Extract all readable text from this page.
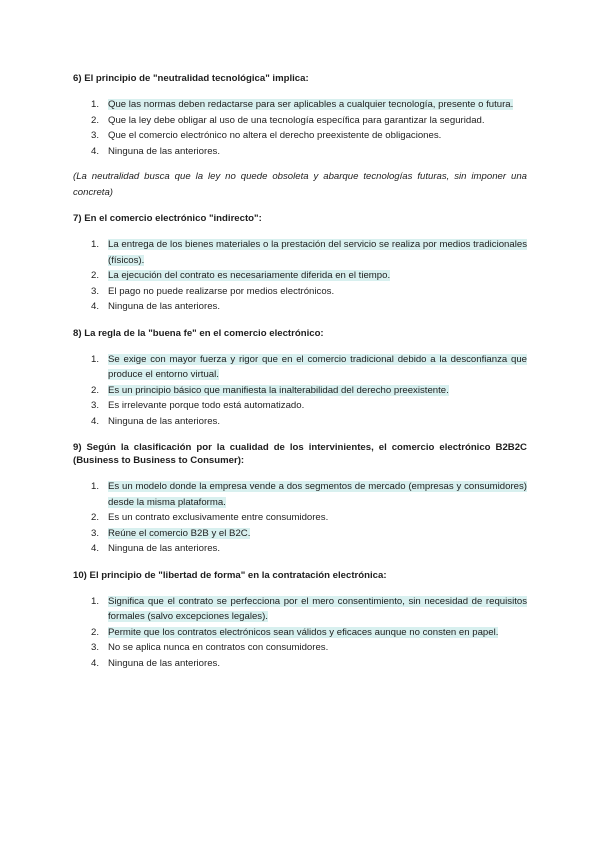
6) El principio de "neutralidad tecnológica" implica:

1. Que las normas deben redactarse para ser aplicables a cualquier tecnología, presente o futura.
2. Que la ley debe obligar al uso de una tecnología específica para garantizar la seguridad.
3. Que el comercio electrónico no altera el derecho preexistente de obligaciones.
4. Ninguna de las anteriores.

(La neutralidad busca que la ley no quede obsoleta y abarque tecnologías futuras, sin imponer una concreta)

7) En el comercio electrónico "indirecto":

1. La entrega de los bienes materiales o la prestación del servicio se realiza por medios tradicionales (físicos).
2. La ejecución del contrato es necesariamente diferida en el tiempo.
3. El pago no puede realizarse por medios electrónicos.
4. Ninguna de las anteriores.

8) La regla de la "buena fe" en el comercio electrónico:

1. Se exige con mayor fuerza y rigor que en el comercio tradicional debido a la desconfianza que produce el entorno virtual.
2. Es un principio básico que manifiesta la inalterabilidad del derecho preexistente.
3. Es irrelevante porque todo está automatizado.
4. Ninguna de las anteriores.

9) Según la clasificación por la cualidad de los intervinientes, el comercio electrónico B2B2C (Business to Business to Consumer):

1. Es un modelo donde la empresa vende a dos segmentos de mercado (empresas y consumidores) desde la misma plataforma.
2. Es un contrato exclusivamente entre consumidores.
3. Reúne el comercio B2B y el B2C.
4. Ninguna de las anteriores.

10) El principio de "libertad de forma" en la contratación electrónica:

1. Significa que el contrato se perfecciona por el mero consentimiento, sin necesidad de requisitos formales (salvo excepciones legales).
2. Permite que los contratos electrónicos sean válidos y eficaces aunque no consten en papel.
3. No se aplica nunca en contratos con consumidores.
4. Ninguna de las anteriores.
